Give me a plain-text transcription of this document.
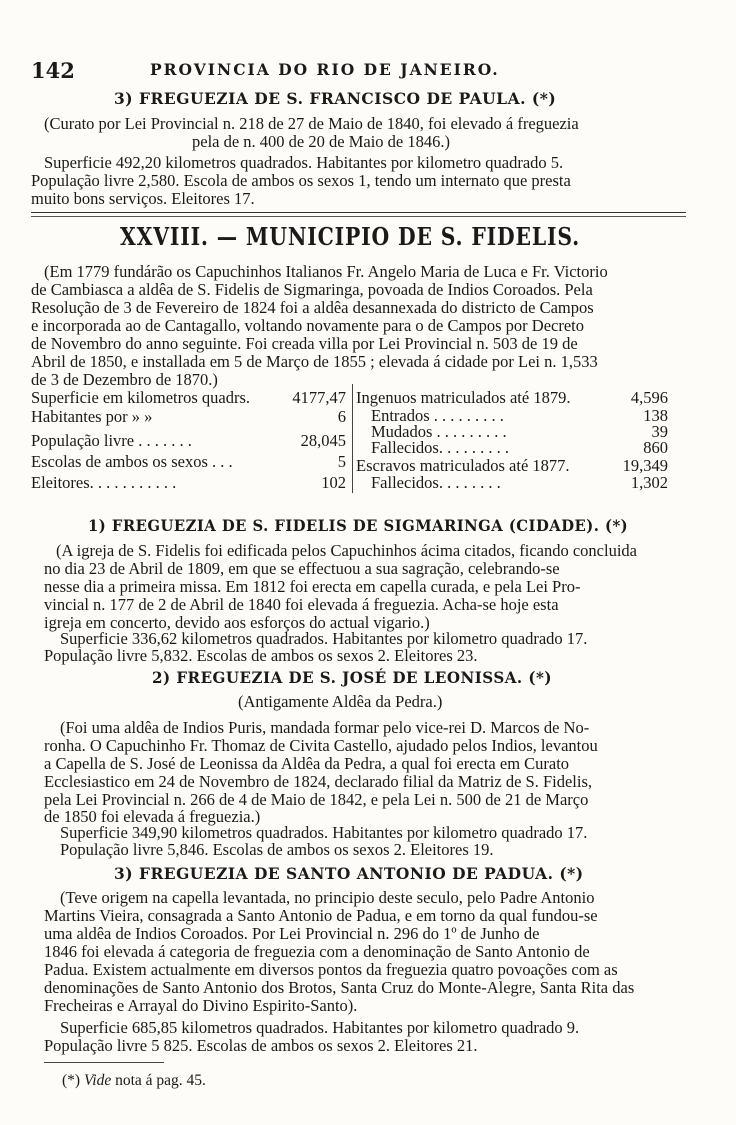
142	PROVINCIA DO RIO DE JANEIRO.
3) FREGUEZIA DE S. FRANCISCO DE PAULA. (*)
(Curato por Lei Provincial n. 218 de 27 de Maio de 1840, foi elevado á freguezia
pela de n. 400 de 20 de Maio de 1846.)
Superficie 492,20 kilometros quadrados. Habitantes por kilometro quadrado 5.
População livre 2,580. Escola de ambos os sexos 1, tendo um internato que presta
muito bons serviços. Eleitores 17.
XXVIII. — MUNICIPIO DE S. FIDELIS.
(Em 1779 fundárão os Capuchinhos Italianos Fr. Angelo Maria de Luca e Fr. Victorio
de Cambiasca a aldêa de S. Fidelis de Sigmaringa, povoada de Indios Coroados. Pela
Resolução de 3 de Fevereiro de 1824 foi a aldêa desannexada do districto de Campos
e incorporada ao de Cantagallo, voltando novamente para o de Campos por Decreto
de Novembro do anno seguinte. Foi creada villa por Lei Provincial n. 503 de 19 de
Abril de 1850, e installada em 5 de Março de 1855 ; elevada á cidade por Lei n. 1,533
de 3 de Dezembro de 1870.)
Superficie em kilometros quadrs.	4177,47
Habitantes por » »	6
População livre . . . . . . .	28,045
Escolas de ambos os sexos . . .	5
Eleitores. . . . . . . . . . .	102
Ingenuos matriculados até 1879.	4,596
Entrados . . . . . . . . .	138
Mudados . . . . . . . . .	39
Fallecidos. . . . . . . . .	860
Escravos matriculados até 1877.	19,349
Fallecidos. . . . . . . .	1,302
1) FREGUEZIA DE S. FIDELIS DE SIGMARINGA (CIDADE). (*)
(A igreja de S. Fidelis foi edificada pelos Capuchinhos ácima citados, ficando concluida
no dia 23 de Abril de 1809, em que se effectuou a sua sagração, celebrando-se
nesse dia a primeira missa. Em 1812 foi erecta em capella curada, e pela Lei Pro-
vincial n. 177 de 2 de Abril de 1840 foi elevada á freguezia. Acha-se hoje esta
igreja em concerto, devido aos esforços do actual vigario.)
Superficie 336,62 kilometros quadrados. Habitantes por kilometro quadrado 17.
População livre 5,832. Escolas de ambos os sexos 2. Eleitores 23.
2) FREGUEZIA DE S. JOSÉ DE LEONISSA. (*)
(Antigamente Aldêa da Pedra.)
(Foi uma aldêa de Indios Puris, mandada formar pelo vice-rei D. Marcos de No-
ronha. O Capuchinho Fr. Thomaz de Civita Castello, ajudado pelos Indios, levantou
a Capella de S. José de Leonissa da Aldêa da Pedra, a qual foi erecta em Curato
Ecclesiastico em 24 de Novembro de 1824, declarado filial da Matriz de S. Fidelis,
pela Lei Provincial n. 266 de 4 de Maio de 1842, e pela Lei n. 500 de 21 de Março
de 1850 foi elevada á freguezia.)
Superficie 349,90 kilometros quadrados. Habitantes por kilometro quadrado 17.
População livre 5,846. Escolas de ambos os sexos 2. Eleitores 19.
3) FREGUEZIA DE SANTO ANTONIO DE PADUA. (*)
(Teve origem na capella levantada, no principio deste seculo, pelo Padre Antonio
Martins Vieira, consagrada a Santo Antonio de Padua, e em torno da qual fundou-se
uma aldêa de Indios Coroados. Por Lei Provincial n. 296 do 1º de Junho de
1846 foi elevada á categoria de freguezia com a denominação de Santo Antonio de
Padua. Existem actualmente em diversos pontos da freguezia quatro povoações com as
denominações de Santo Antonio dos Brotos, Santa Cruz do Monte-Alegre, Santa Rita das
Frecheiras e Arrayal do Divino Espirito-Santo).
Superficie 685,85 kilometros quadrados. Habitantes por kilometro quadrado 9.
População livre 5 825. Escolas de ambos os sexos 2. Eleitores 21.
(*) Vide nota á pag. 45.
